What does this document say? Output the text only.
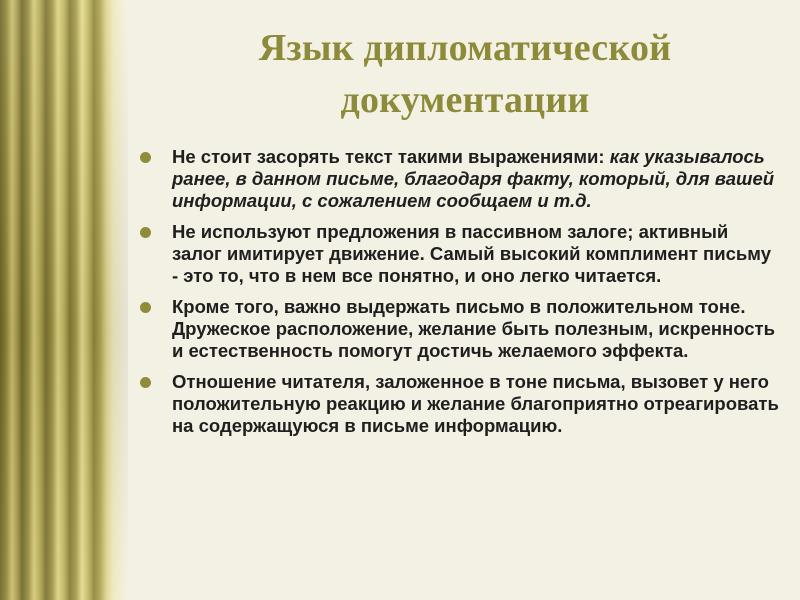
Язык дипломатической
документации
Не стоит засорять текст такими выражениями: как указывалось ранее, в данном письме, благодаря факту, который, для вашей информации, с сожалением сообщаем и т.д.
Не используют предложения в пассивном залоге; активный залог имитирует движение. Самый высокий комплимент письму - это то, что в нем все понятно, и оно легко читается.
Кроме того, важно выдержать письмо в положительном тоне. Дружеское расположение, желание быть полезным, искренность и естественность помогут достичь желаемого эффекта.
Отношение читателя, заложенное в тоне письма, вызовет у него положительную реакцию и желание благоприятно отреагировать на содержащуюся в письме информацию.
